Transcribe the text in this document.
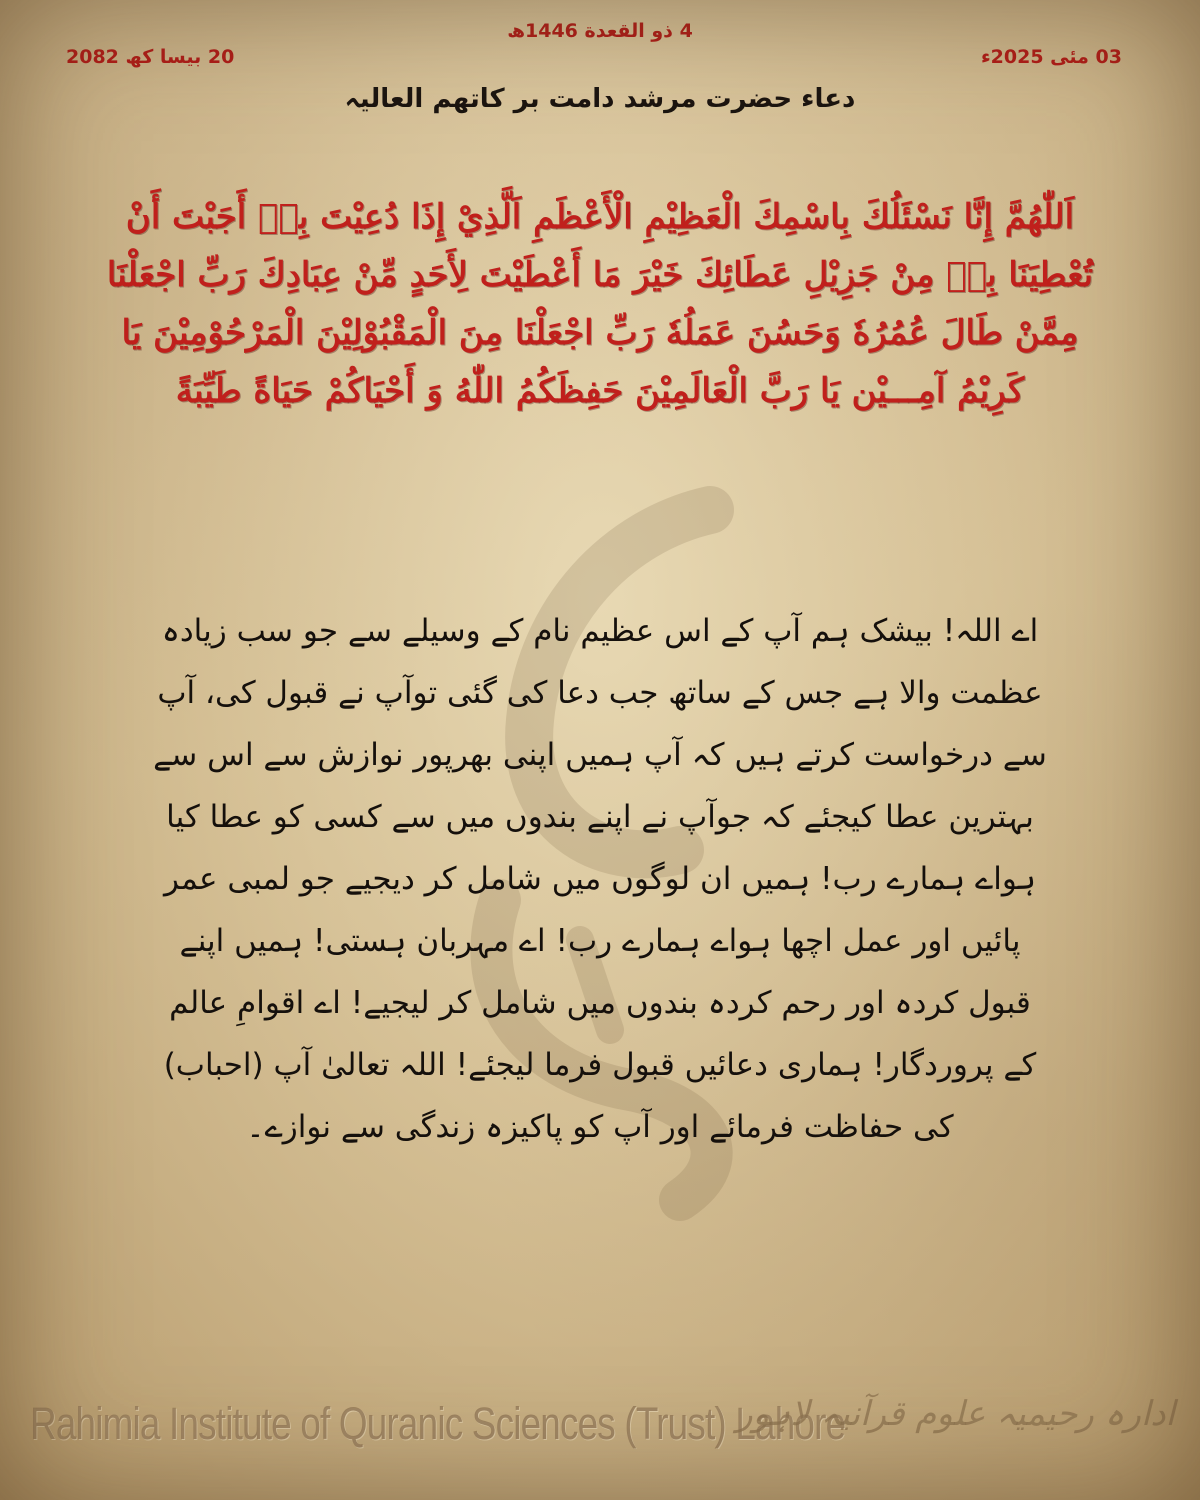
20 بیسا کھ 2082
4 ذو القعدة 1446ھ
03 مئی 2025ء
دعاء حضرت مرشد دامت بر کاتھم العالیہ
اَللّٰهُمَّ إِنَّا نَسْئَلُكَ بِاسْمِكَ الْعَظِيْمِ الْأَعْظَمِ اَلَّذِيْ إِذَا دُعِيْتَ بِهٖ أَجَبْتَ أَنْ تُعْطِيَنَا بِهٖ مِنْ جَزِيْلِ عَطَائِكَ خَيْرَ مَا أَعْطَيْتَ لِأَحَدٍ مِّنْ عِبَادِكَ رَبِّ اجْعَلْنَا مِمَّنْ طَالَ عُمُرُهٗ وَحَسُنَ عَمَلُهٗ رَبِّ اجْعَلْنَا مِنَ الْمَقْبُوْلِيْنَ الْمَرْحُوْمِيْنَ يَا كَرِيْمُ آمِـــيْن يَا رَبَّ الْعَالَمِيْنَ حَفِظَكُمُ اللّٰهُ وَ أَحْيَاكُمْ حَيَاةً طَيِّبَةً
اے اللہ! بیشک ہم آپ کے اس عظیم نام کے وسیلے سے جو سب زیادہ عظمت والا ہے جس کے ساتھ جب دعا کی گئی توآپ نے قبول کی، آپ سے درخواست کرتے ہیں کہ آپ ہمیں اپنی بھرپور نوازش سے اس سے بہترین عطا کیجئے کہ جوآپ نے اپنے بندوں میں سے کسی کو عطا کیا ہواے ہمارے رب! ہمیں ان لوگوں میں شامل کر دیجیے جو لمبی عمر پائیں اور عمل اچھا ہواے ہمارے رب! اے مہربان ہستی! ہمیں اپنے قبول کردہ اور رحم کردہ بندوں میں شامل کر لیجیے! اے اقوامِ عالم کے پروردگار! ہماری دعائیں قبول فرما لیجئے! اللہ تعالیٰ آپ (احباب) کی حفاظت فرمائے اور آپ کو پاکیزہ زندگی سے نوازے۔
Rahimia Institute of Quranic Sciences (Trust) Lahore
ادارہ رحیمیہ علوم قرآنیہ لاہور
